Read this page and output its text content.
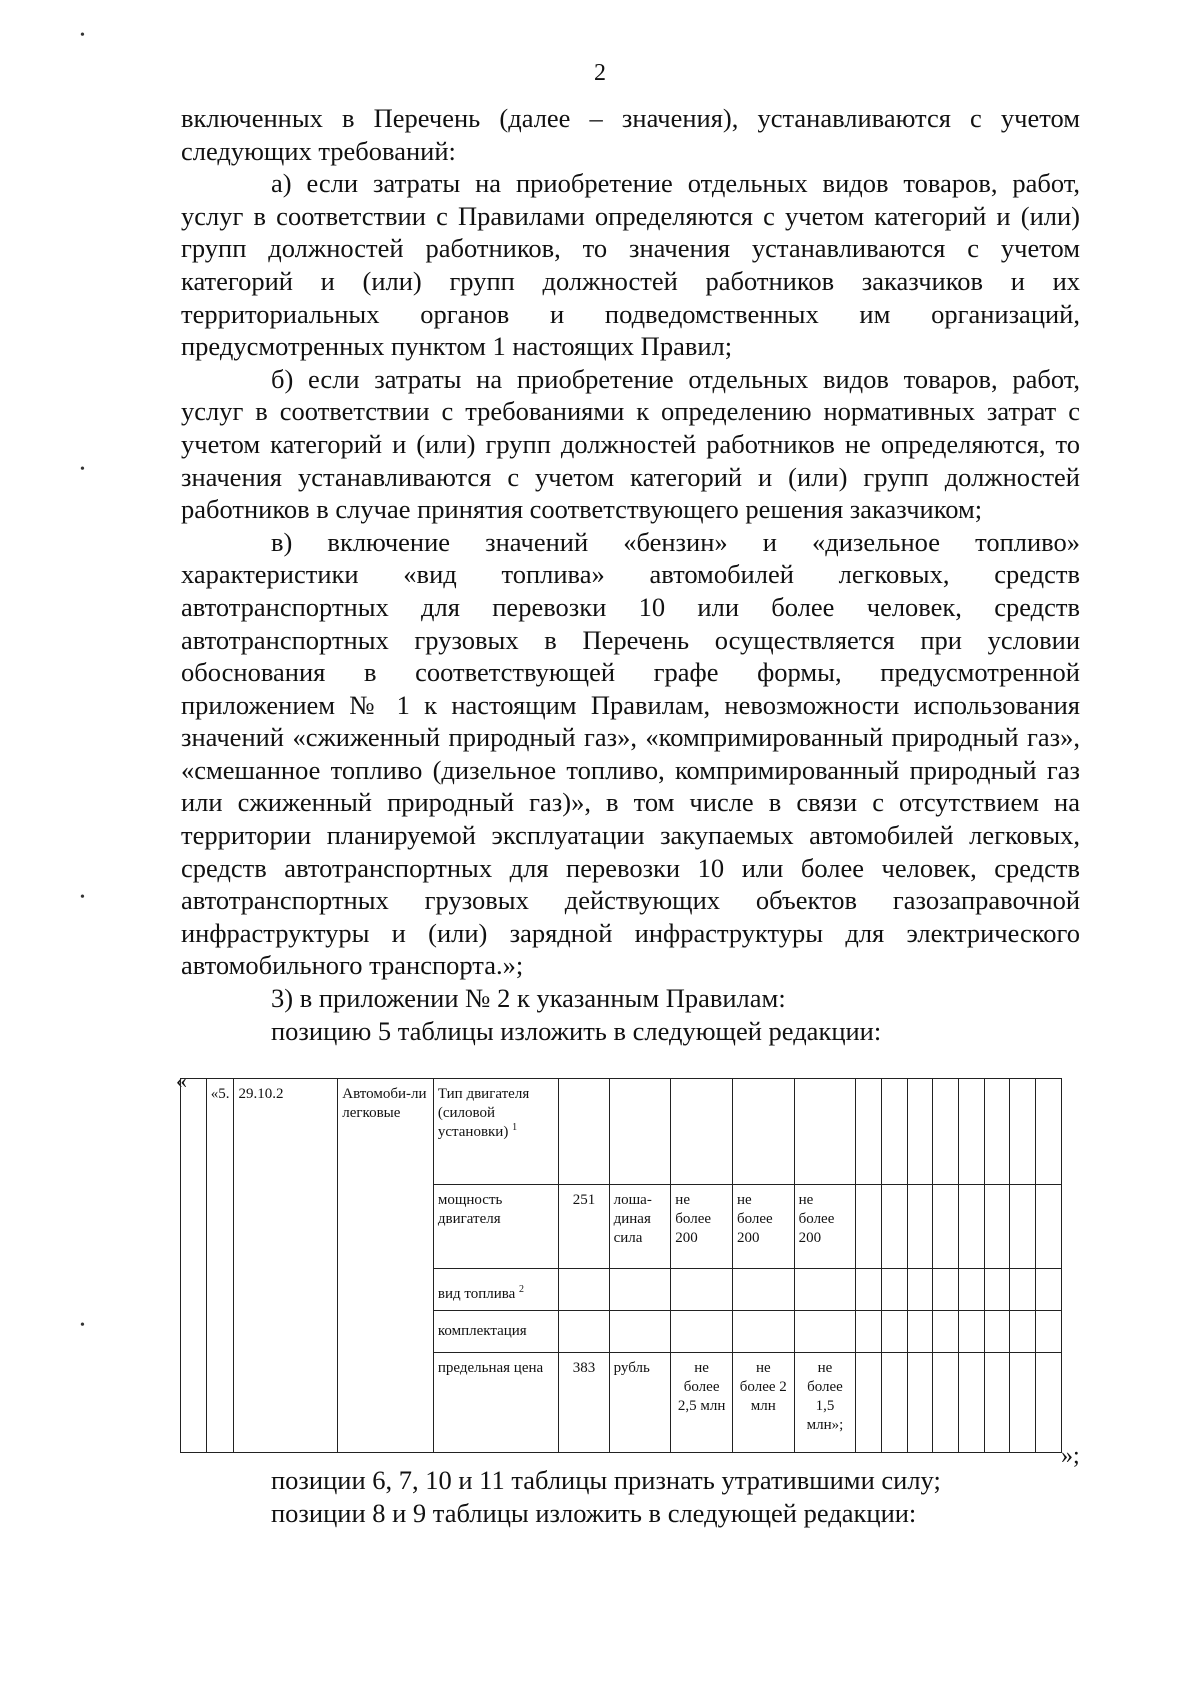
•
•
•
•
2

включенных в Перечень (далее – значения), устанавливаются с учетом следующих требований:

а) если затраты на приобретение отдельных видов товаров, работ, услуг в соответствии с Правилами определяются с учетом категорий и (или) групп должностей работников, то значения устанавливаются с учетом категорий и (или) групп должностей работников заказчиков и их территориальных органов и подведомственных им организаций, предусмотренных пунктом 1 настоящих Правил;

б) если затраты на приобретение отдельных видов товаров, работ, услуг в соответствии с требованиями к определению нормативных затрат с учетом категорий и (или) групп должностей работников не определяются, то значения устанавливаются с учетом категорий и (или) групп должностей работников в случае принятия соответствующего решения заказчиком;

в) включение значений «бензин» и «дизельное топливо» характеристики «вид топлива» автомобилей легковых, средств автотранспортных для перевозки 10 или более человек, средств автотранспортных грузовых в Перечень осуществляется при условии обоснования в соответствующей графе формы, предусмотренной приложением № 1 к настоящим Правилам, невозможности использования значений «сжиженный природный газ», «компримированный природный газ», «смешанное топливо (дизельное топливо, компримированный природный газ или сжиженный природный газ)», в том числе в связи с отсутствием на территории планируемой эксплуатации закупаемых автомобилей легковых, средств автотранспортных для перевозки 10 или более человек, средств автотранспортных грузовых действующих объектов газозаправочной инфраструктуры и (или) зарядной инфраструктуры для электрического автомобильного транспорта.»;

3) в приложении № 2 к указанным Правилам:

позицию 5 таблицы изложить в следующей редакции:

«
	«5.	29.10.2	Автомоби-ли легковые	Тип двигателя (силовой установки) $^1$													
				мощность двигателя	251	лоша-диная сила	не более 200	не более 200	не более 200								
				вид топлива $^2$													
				комплектация													
				предельная цена	383	рубль	не более 2,5 млн	не более 2 млн	не более 1,5 млн»;								
»;

позиции 6, 7, 10 и 11 таблицы признать утратившими силу;

позиции 8 и 9 таблицы изложить в следующей редакции:
